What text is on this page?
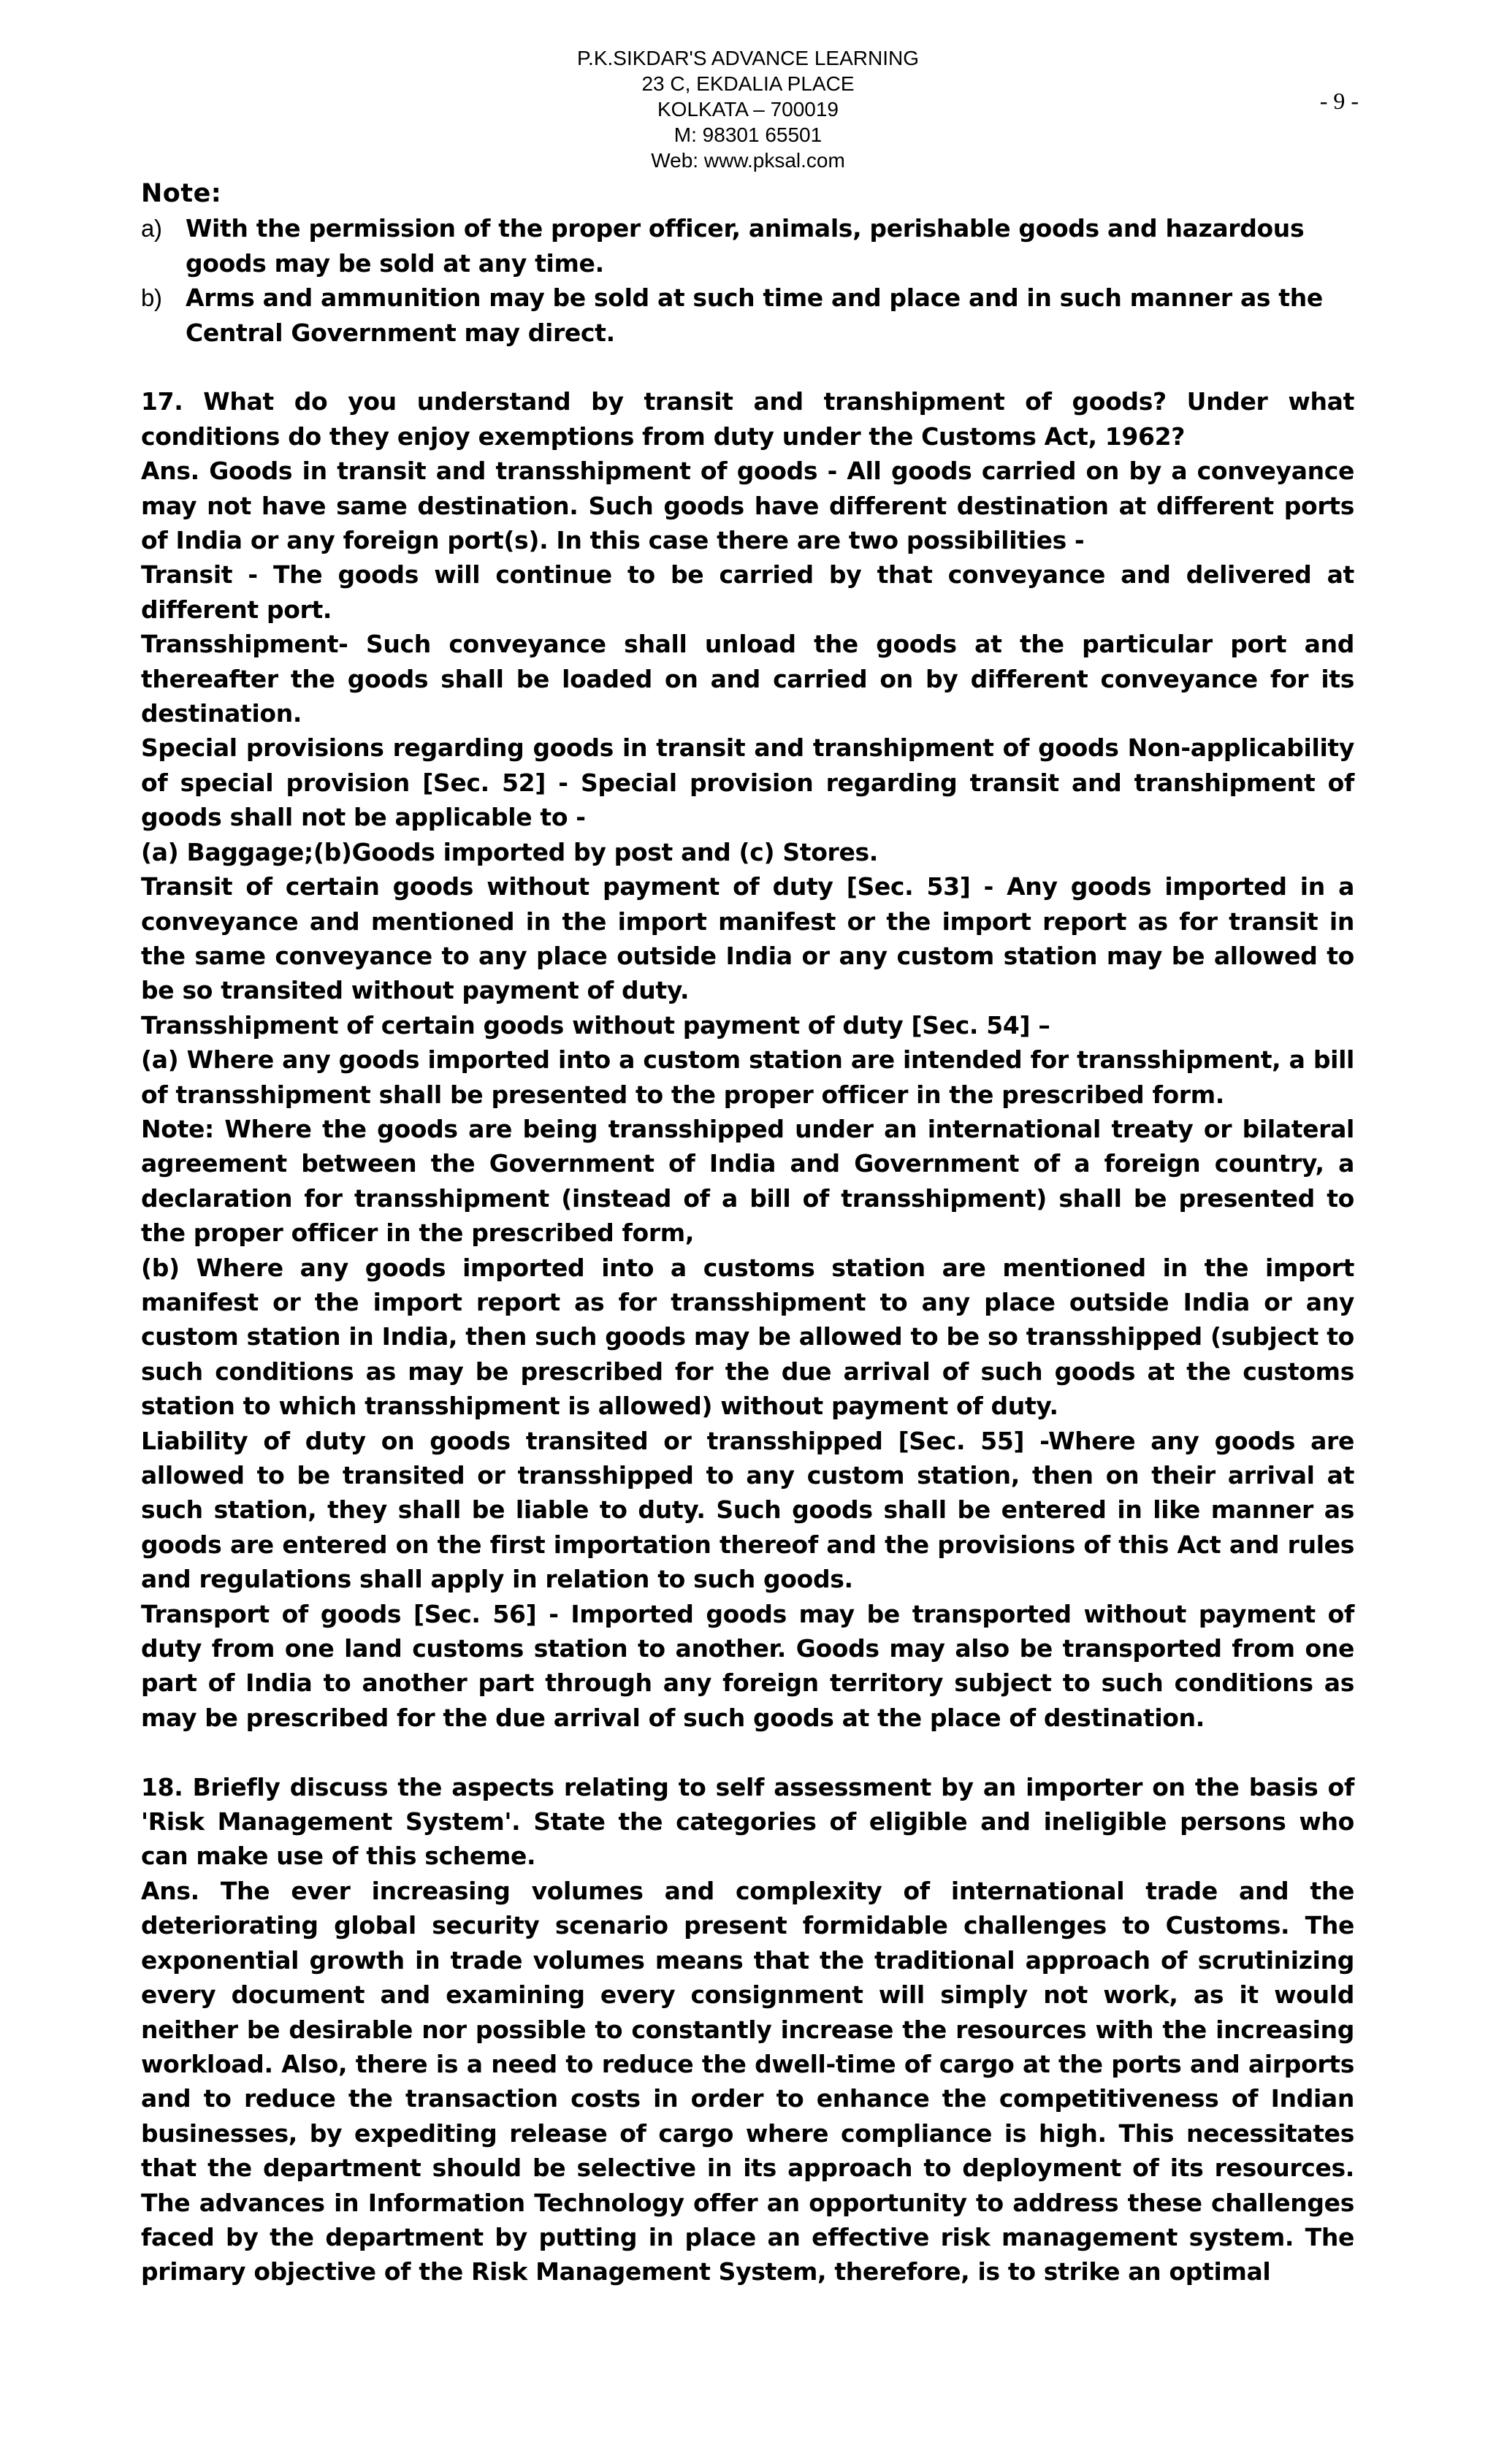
P.K.SIKDAR'S ADVANCE LEARNING
23 C, EKDALIA PLACE
KOLKATA – 700019
M: 98301 65501
Web: www.pksal.com
- 9 -
Note:
a) With the permission of the proper officer, animals, perishable goods and hazardous goods may be sold at any time.
b) Arms and ammunition may be sold at such time and place and in such manner as the Central Government may direct.

17. What do you understand by transit and transhipment of goods? Under what conditions do they enjoy exemptions from duty under the Customs Act, 1962?

Ans. Goods in transit and transshipment of goods - All goods carried on by a conveyance may not have same destination. Such goods have different destination at different ports of India or any foreign port(s). In this case there are two possibilities -

Transit - The goods will continue to be carried by that conveyance and delivered at different port.

Transshipment- Such conveyance shall unload the goods at the particular port and thereafter the goods shall be loaded on and carried on by different conveyance for its destination.

Special provisions regarding goods in transit and transhipment of goods Non-applicability of special provision [Sec. 52] - Special provision regarding transit and transhipment of goods shall not be applicable to -

(a) Baggage;(b)Goods imported by post and (c) Stores.

Transit of certain goods without payment of duty [Sec. 53] - Any goods imported in a conveyance and mentioned in the import manifest or the import report as for transit in the same conveyance to any place outside India or any custom station may be allowed to be so transited without payment of duty.

Transshipment of certain goods without payment of duty [Sec. 54] –

(a) Where any goods imported into a custom station are intended for transshipment, a bill of transshipment shall be presented to the proper officer in the prescribed form.

Note: Where the goods are being transshipped under an international treaty or bilateral agreement between the Government of India and Government of a foreign country, a declaration for transshipment (instead of a bill of transshipment) shall be presented to the proper officer in the prescribed form,

(b) Where any goods imported into a customs station are mentioned in the import manifest or the import report as for transshipment to any place outside India or any custom station in India, then such goods may be allowed to be so transshipped (subject to such conditions as may be prescribed for the due arrival of such goods at the customs station to which transshipment is allowed) without payment of duty.

Liability of duty on goods transited or transshipped [Sec. 55] -Where any goods are allowed to be transited or transshipped to any custom station, then on their arrival at such station, they shall be liable to duty. Such goods shall be entered in like manner as goods are entered on the first importation thereof and the provisions of this Act and rules and regulations shall apply in relation to such goods.

Transport of goods [Sec. 56] - Imported goods may be transported without payment of duty from one land customs station to another. Goods may also be transported from one part of India to another part through any foreign territory subject to such conditions as may be prescribed for the due arrival of such goods at the place of destination.

18. Briefly discuss the aspects relating to self assessment by an importer on the basis of 'Risk Management System'. State the categories of eligible and ineligible persons who can make use of this scheme.

Ans. The ever increasing volumes and complexity of international trade and the deteriorating global security scenario present formidable challenges to Customs. The exponential growth in trade volumes means that the traditional approach of scrutinizing every document and examining every consignment will simply not work, as it would neither be desirable nor possible to constantly increase the resources with the increasing workload. Also, there is a need to reduce the dwell-time of cargo at the ports and airports and to reduce the transaction costs in order to enhance the competitiveness of Indian businesses, by expediting release of cargo where compliance is high. This necessitates that the department should be selective in its approach to deployment of its resources. The advances in Information Technology offer an opportunity to address these challenges faced by the department by putting in place an effective risk management system. The primary objective of the Risk Management System, therefore, is to strike an optimal
